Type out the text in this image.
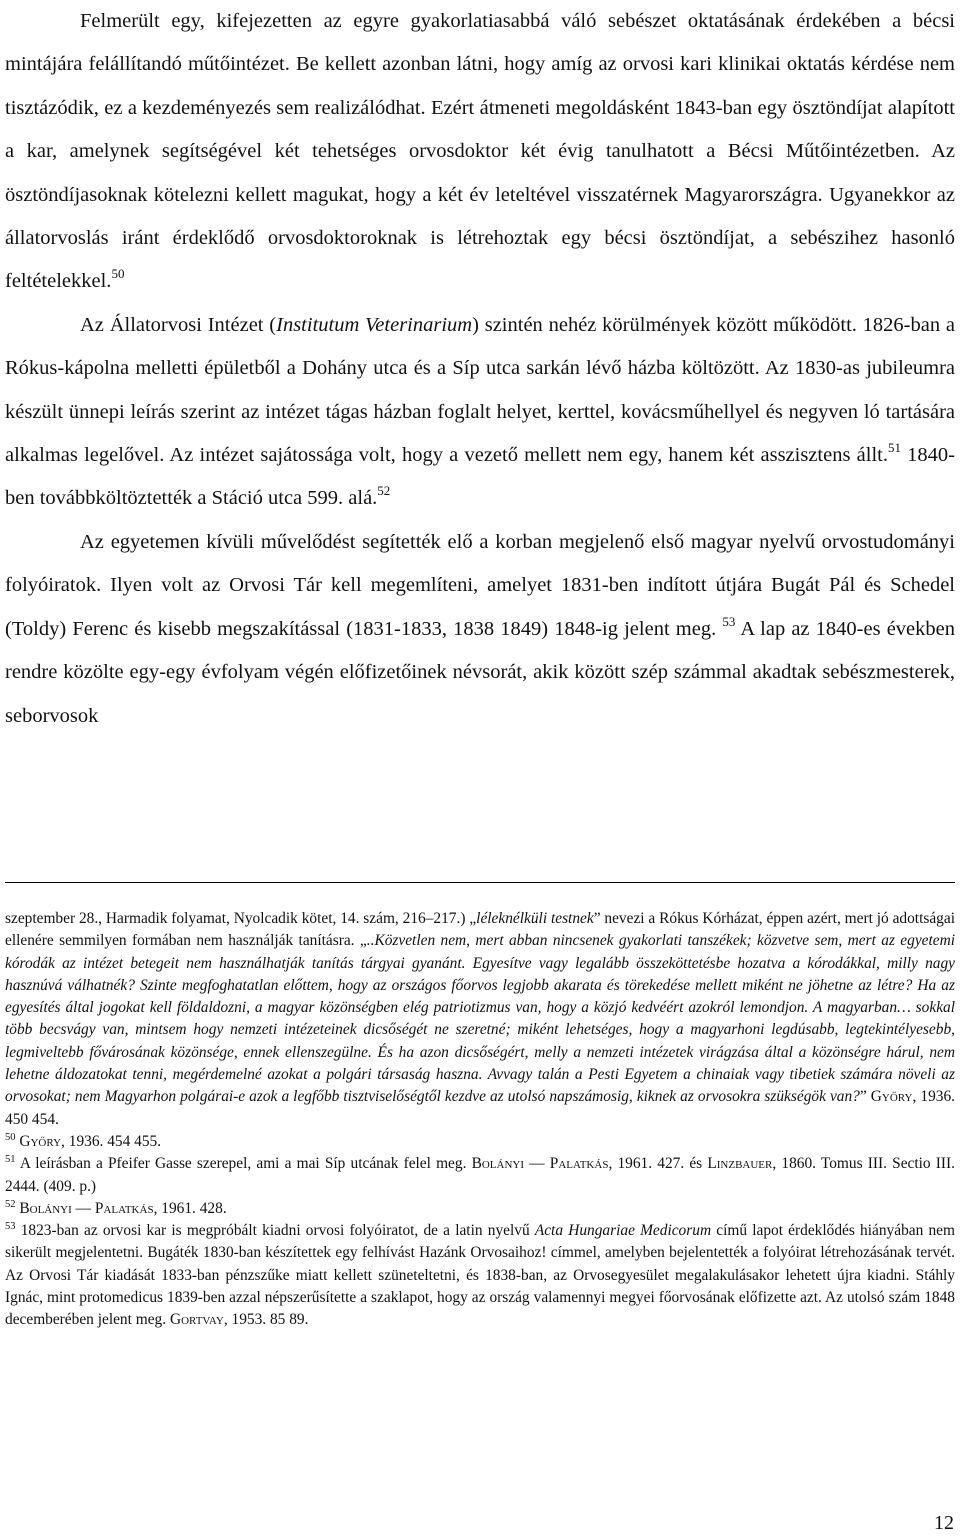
Felmerült egy, kifejezetten az egyre gyakorlatiasabbá váló sebészet oktatásának érdekében a bécsi mintájára felállítandó műtőintézet. Be kellett azonban látni, hogy amíg az orvosi kari klinikai oktatás kérdése nem tisztázódik, ez a kezdeményezés sem realizálódhat. Ezért átmeneti megoldásként 1843-ban egy ösztöndíjat alapított a kar, amelynek segítségével két tehetséges orvosdoktor két évig tanulhatott a Bécsi Műtőintézetben. Az ösztöndíjasoknak kötelezni kellett magukat, hogy a két év leteltével visszatérnek Magyarországra. Ugyanekkor az állatorvoslás iránt érdeklődő orvosdoktoroknak is létrehoztak egy bécsi ösztöndíjat, a sebészihez hasonló feltételekkel.$^{50}$

Az Állatorvosi Intézet (Institutum Veterinarium) szintén nehéz körülmények között működött. 1826-ban a Rókus-kápolna melletti épületből a Dohány utca és a Síp utca sarkán lévő házba költözött. Az 1830-as jubileumra készült ünnepi leírás szerint az intézet tágas házban foglalt helyet, kerttel, kovácsműhellyel és negyven ló tartására alkalmas legelővel. Az intézet sajátossága volt, hogy a vezető mellett nem egy, hanem két asszisztens állt.$^{51}$ 1840-ben továbbköltöztették a Stáció utca 599. alá.$^{52}$

Az egyetemen kívüli művelődést segítették elő a korban megjelenő első magyar nyelvű orvostudományi folyóiratok. Ilyen volt az Orvosi Tár kell megemlíteni, amelyet 1831-ben indított útjára Bugát Pál és Schedel (Toldy) Ferenc és kisebb megszakítással (1831-1833, 1838 1849) 1848-ig jelent meg. $^{53}$ A lap az 1840-es években rendre közölte egy-egy évfolyam végén előfizetőinek névsorát, akik között szép számmal akadtak sebészmesterek, seborvosok

szeptember 28., Harmadik folyamat, Nyolcadik kötet, 14. szám, 216–217.) „léleknélküli testnek” nevezi a Rókus Kórházat, éppen azért, mert jó adottságai ellenére semmilyen formában nem használják tanításra. „..Közvetlen nem, mert abban nincsenek gyakorlati tanszékek; közvetve sem, mert az egyetemi kórodák az intézet betegeit nem használhatják tanítás tárgyai gyanánt. Egyesítve vagy legalább összeköttetésbe hozatva a kórodákkal, milly nagy hasznúvá válhatnék? Szinte megfoghatatlan előttem, hogy az országos főorvos legjobb akarata és törekedése mellett miként ne jöhetne az létre? Ha az egyesítés által jogokat kell földaldozni, a magyar közönségben elég patriotizmus van, hogy a közjó kedvéért azokról lemondjon. A magyarban… sokkal több becsvágy van, mintsem hogy nemzeti intézeteinek dicsőségét ne szeretné; miként lehetséges, hogy a magyarhoni legdúsabb, legtekintélyesebb, legmiveltebb fővárosának közönsége, ennek ellenszegülne. És ha azon dicsőségért, melly a nemzeti intézetek virágzása által a közönségre hárul, nem lehetne áldozatokat tenni, megérdemelné azokat a polgári társaság haszna. Avvagy talán a Pesti Egyetem a chinaiak vagy tibetiek számára növeli az orvosokat; nem Magyarhon polgárai-e azok a legfőbb tisztviselőségtől kezdve az utolsó napszámosig, kiknek az orvosokra szükségök van?” Győry, 1936. 450 454.

$^{50}$ Győry, 1936. 454 455.

$^{51}$ A leírásban a Pfeifer Gasse szerepel, ami a mai Síp utcának felel meg. Bolányi — Palatkás, 1961. 427. és Linzbauer, 1860. Tomus III. Sectio III. 2444. (409. p.)

$^{52}$ Bolányi — Palatkás, 1961. 428.

$^{53}$ 1823-ban az orvosi kar is megpróbált kiadni orvosi folyóiratot, de a latin nyelvű Acta Hungariae Medicorum című lapot érdeklődés hiányában nem sikerült megjelentetni. Bugáték 1830-ban készítettek egy felhívást Hazánk Orvosaihoz! címmel, amelyben bejelentették a folyóirat létrehozásának tervét. Az Orvosi Tár kiadását 1833-ban pénzszűke miatt kellett szüneteltetni, és 1838-ban, az Orvosegyesület megalakulásakor lehetett újra kiadni. Stáhly Ignác, mint protomedicus 1839-ben azzal népszerűsítette a szaklapot, hogy az ország valamennyi megyei főorvosának előfizette azt. Az utolsó szám 1848 decemberében jelent meg. Gortvay, 1953. 85 89.

12
